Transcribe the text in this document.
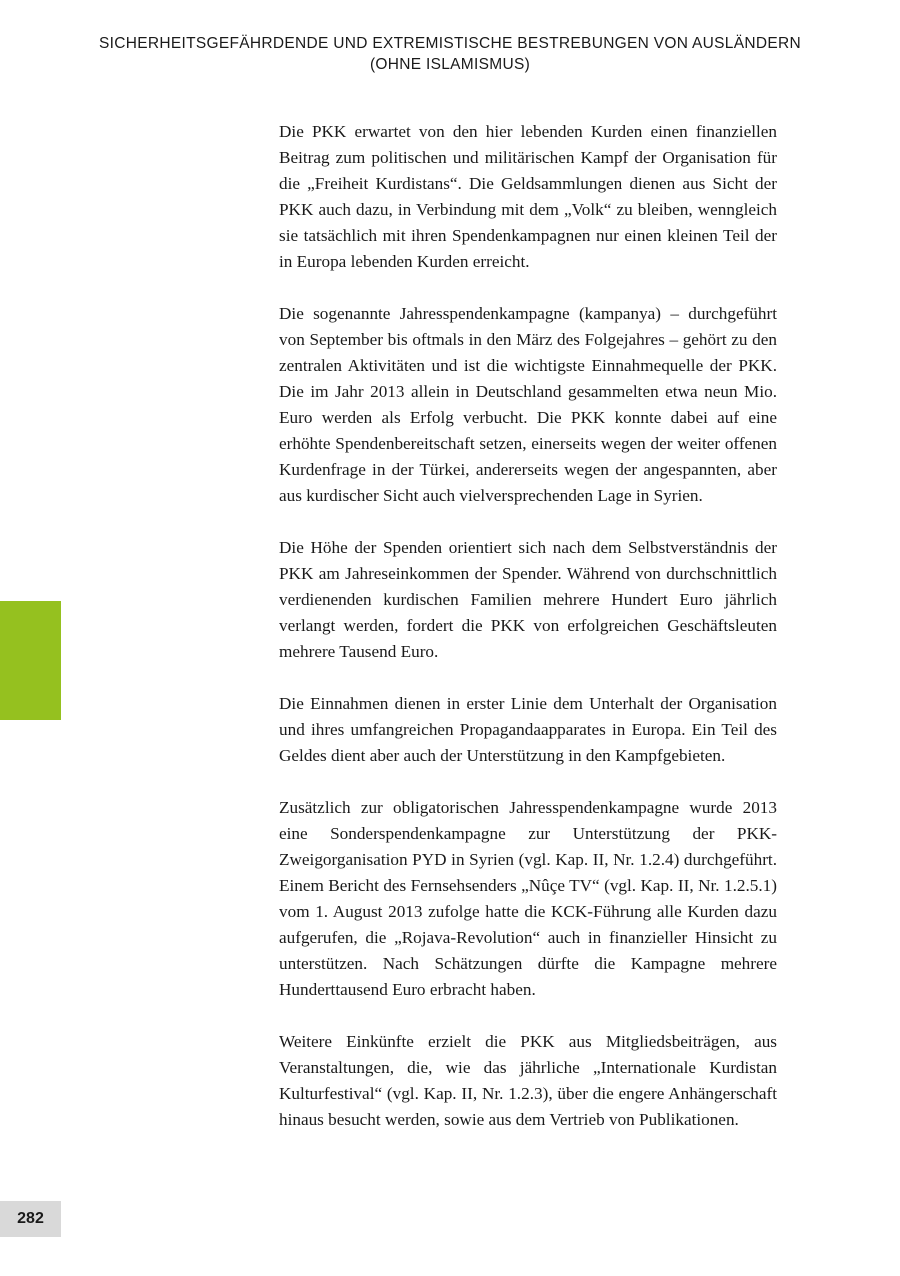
SICHERHEITSGEFÄHRDENDE UND EXTREMISTISCHE BESTREBUNGEN VON AUSLÄNDERN
(OHNE ISLAMISMUS)

Die PKK erwartet von den hier lebenden Kurden einen finanziellen Beitrag zum politischen und militärischen Kampf der Organisation für die „Freiheit Kurdistans“. Die Geldsammlungen dienen aus Sicht der PKK auch dazu, in Verbindung mit dem „Volk“ zu bleiben, wenngleich sie tatsächlich mit ihren Spendenkampagnen nur einen kleinen Teil der in Europa lebenden Kurden erreicht.

Die sogenannte Jahresspendenkampagne (kampanya) – durchgeführt von September bis oftmals in den März des Folgejahres – gehört zu den zentralen Aktivitäten und ist die wichtigste Einnahmequelle der PKK. Die im Jahr 2013 allein in Deutschland gesammelten etwa neun Mio. Euro werden als Erfolg verbucht. Die PKK konnte dabei auf eine erhöhte Spendenbereitschaft setzen, einerseits wegen der weiter offenen Kurdenfrage in der Türkei, andererseits wegen der angespannten, aber aus kurdischer Sicht auch vielversprechenden Lage in Syrien.

Die Höhe der Spenden orientiert sich nach dem Selbstverständnis der PKK am Jahreseinkommen der Spender. Während von durchschnittlich verdienenden kurdischen Familien mehrere Hundert Euro jährlich verlangt werden, fordert die PKK von erfolgreichen Geschäftsleuten mehrere Tausend Euro.

Die Einnahmen dienen in erster Linie dem Unterhalt der Organisation und ihres umfangreichen Propagandaapparates in Europa. Ein Teil des Geldes dient aber auch der Unterstützung in den Kampfgebieten.

Zusätzlich zur obligatorischen Jahresspendenkampagne wurde 2013 eine Sonderspendenkampagne zur Unterstützung der PKK-Zweigorganisation PYD in Syrien (vgl. Kap. II, Nr. 1.2.4) durchgeführt. Einem Bericht des Fernsehsenders „Nûçe TV“ (vgl. Kap. II, Nr. 1.2.5.1) vom 1. August 2013 zufolge hatte die KCK-Führung alle Kurden dazu aufgerufen, die „Rojava-Revolution“ auch in finanzieller Hinsicht zu unterstützen. Nach Schätzungen dürfte die Kampagne mehrere Hunderttausend Euro erbracht haben.

Weitere Einkünfte erzielt die PKK aus Mitgliedsbeiträgen, aus Veranstaltungen, die, wie das jährliche „Internationale Kurdistan Kulturfestival“ (vgl. Kap. II, Nr. 1.2.3), über die engere Anhängerschaft hinaus besucht werden, sowie aus dem Vertrieb von Publikationen.

282
